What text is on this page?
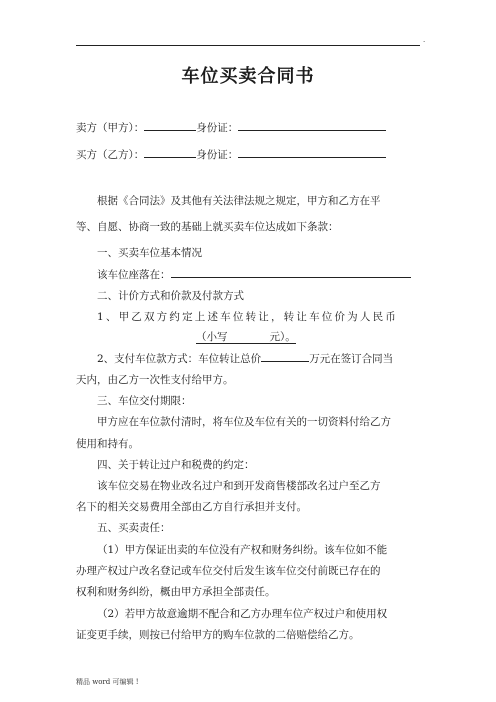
.
车位买卖合同书
卖方（甲方）：	身份证：
买方（乙方）：	身份证：
根据《合同法》及其他有关法律法规之规定，甲方和乙方在平
等、自愿、协商一致的基础上就买卖车位达成如下条款：
一、买卖车位基本情况
该车位座落在：
二、计价方式和价款及付款方式
1、甲乙双方约定上述车位转让，转让车位价为人民币
（小写　　　　元）。
2、支付车位款方式：车位转让总价	万元在签订合同当
天内，由乙方一次性支付给甲方。
三、车位交付期限：
甲方应在车位款付清时，将车位及车位有关的一切资料付给乙方
使用和持有。
四、关于转让过户和税费的约定：
该车位交易在物业改名过户和到开发商售楼部改名过户至乙方
名下的相关交易费用全部由乙方自行承担并支付。
五、买卖责任：
（1）甲方保证出卖的车位没有产权和财务纠纷。该车位如不能
办理产权过户改名登记或车位交付后发生该车位交付前既已存在的
权利和财务纠纷，概由甲方承担全部责任。
（2）若甲方故意逾期不配合和乙方办理车位产权过户和使用权
证变更手续，则按已付给甲方的购车位款的二倍赔偿给乙方。
精品 word 可编辑 !
